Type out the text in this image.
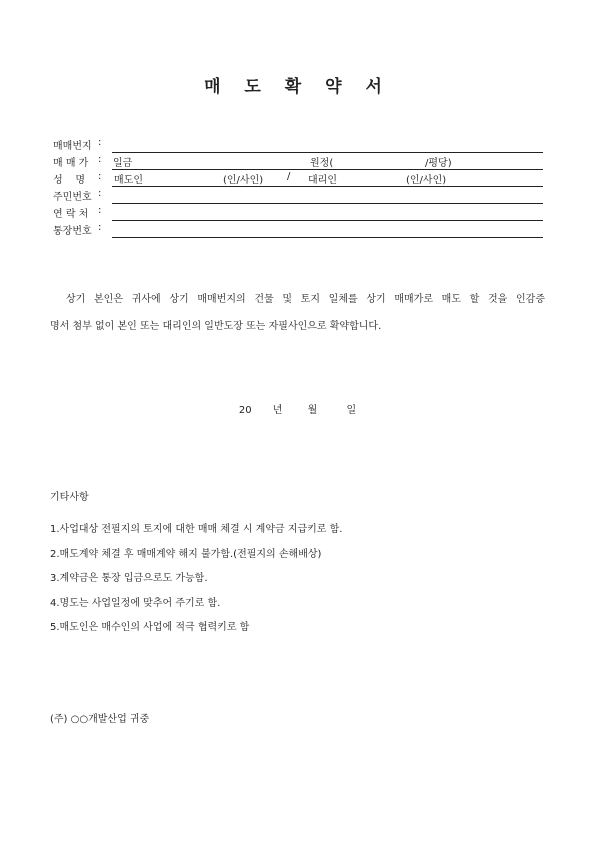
매 도 확 약 서
매매번지 :
매 매 가 : 일금	원정(	/평당)
성    명 : 매도인	(인/사인) / 대리인	(인/사인)
주민번호 :
연 락 처 :
통장번호 :

상기 본인은 귀사에 상기 매매번지의 건물 및 토지 일체를 상기 매매가로 매도 할 것을 인감증

명서 첨부 없이 본인 또는 대리인의 일반도장 또는 자필사인으로 확약합니다.

20 년	월	일
기타사항
1.사업대상 전필지의 토지에 대한 매매 체결 시 계약금 지급키로 함.
2.매도계약 체결 후 매매계약 해지 불가함.(전필지의 손해배상)
3.계약금은 통장 입금으로도 가능함.
4.명도는 사업일정에 맞추어 주기로 함.
5.매도인은 매수인의 사업에 적극 협력키로 함
(주) ○○개발산업 귀중
